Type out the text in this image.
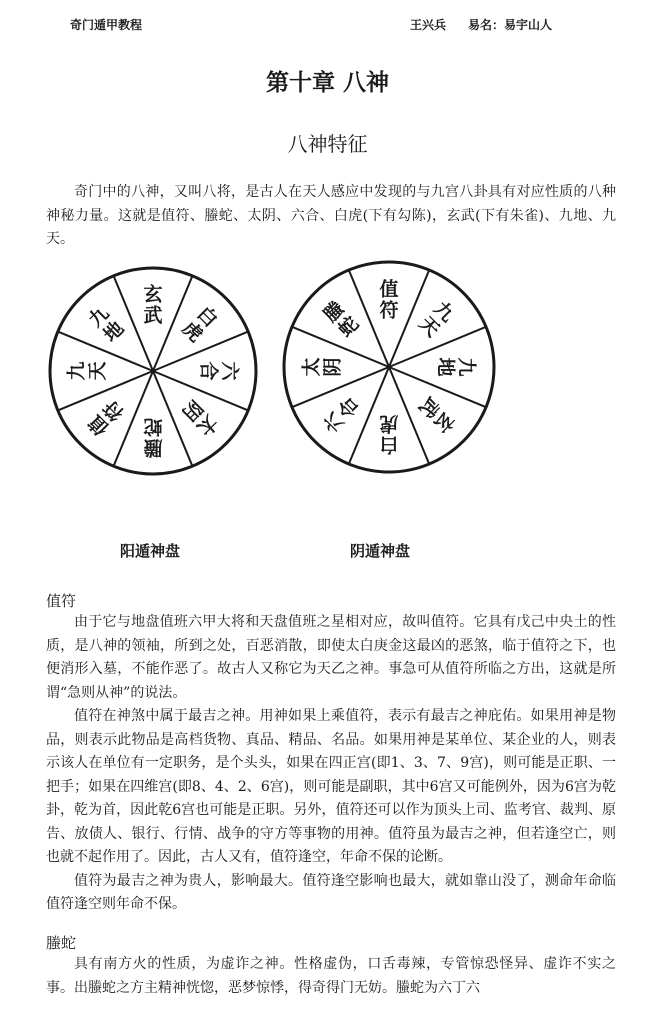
奇门遁甲教程	王兴兵 易名：易宇山人
第十章 八神
八神特征

奇门中的八神，又叫八将，是古人在天人感应中发现的与九宫八卦具有对应性质的八种神秘力量。这就是值符、螣蛇、太阴、六合、白虎(下有勾陈)，玄武(下有朱雀)、九地、九天。

玄武	白虎
六合
太阴
螣蛇
值符
九天
九地
值符	九天
九地
玄武
白虎
六合
太阴
螣蛇
阳遁神盘	阴遁神盘
值符

由于它与地盘值班六甲大将和天盘值班之星相对应，故叫值符。它具有戊己中央土的性质，是八神的领袖，所到之处，百恶消散，即使太白庚金这最凶的恶煞，临于值符之下，也便消形入墓，不能作恶了。故古人又称它为天乙之神。事急可从值符所临之方出，这就是所谓“急则从神”的说法。

值符在神煞中属于最吉之神。用神如果上乘值符，表示有最吉之神庇佑。如果用神是物品，则表示此物品是高档货物、真品、精品、名品。如果用神是某单位、某企业的人，则表示该人在单位有一定职务，是个头头，如果在四正宫(即1、3、7、9宫)，则可能是正职、一把手；如果在四维宫(即8、4、2、6宫)，则可能是副职，其中6宫又可能例外，因为6宫为乾卦，乾为首，因此乾6宫也可能是正职。另外，值符还可以作为顶头上司、监考官、裁判、原告、放债人、银行、行情、战争的守方等事物的用神。值符虽为最吉之神，但若逢空亡，则也就不起作用了。因此，古人又有，值符逢空，年命不保的论断。

值符为最吉之神为贵人，影响最大。值符逢空影响也最大，就如靠山没了，测命年命临值符逢空则年命不保。

螣蛇

具有南方火的性质，为虚诈之神。性格虚伪，口舌毒辣，专管惊恐怪异、虚诈不实之事。出螣蛇之方主精神恍惚，恶梦惊悸，得奇得门无妨。螣蛇为六丁六
